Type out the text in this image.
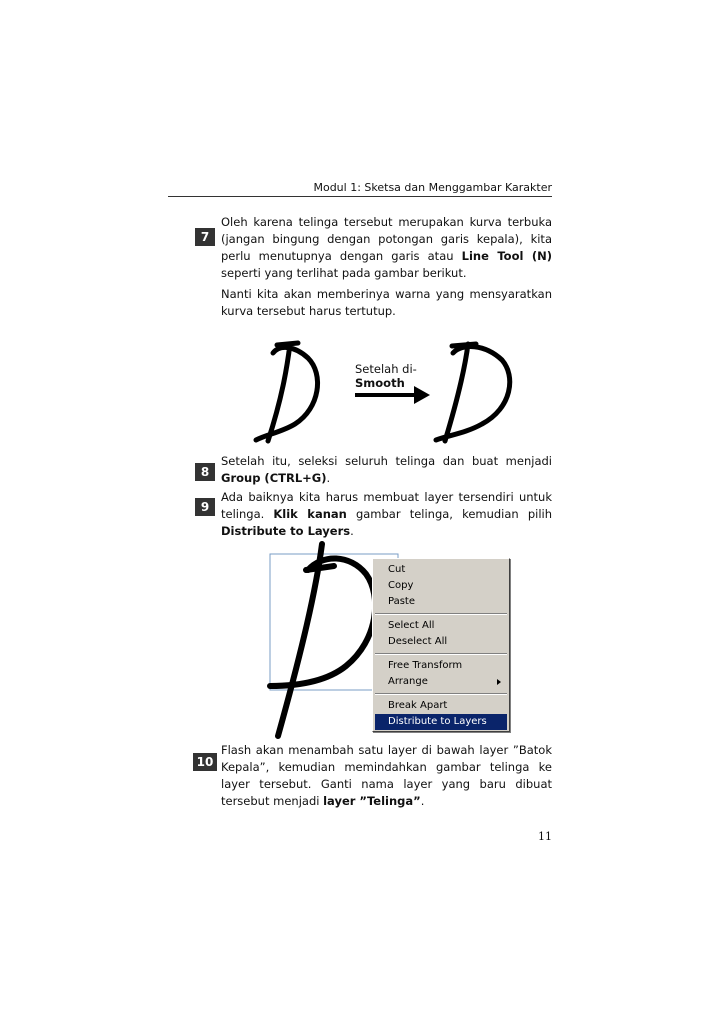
Modul 1: Sketsa dan Menggambar Karakter
7

Oleh karena telinga tersebut merupakan kurva terbuka (jangan bingung dengan potongan garis kepala), kita perlu menutupnya dengan garis atau Line Tool (N) seperti yang terlihat pada gambar berikut.

Nanti kita akan memberinya warna yang mensyaratkan kurva tersebut harus tertutup.

Setelah di-
Smooth
8

Setelah itu, seleksi seluruh telinga dan buat menjadi Group (CTRL+G).

9

Ada baiknya kita harus membuat layer tersendiri untuk telinga. Klik kanan gambar telinga, kemudian pilih Distribute to Layers.

Cut
Copy
Paste
Select All
Deselect All
Free Transform
Arrange
Break Apart
Distribute to Layers
10

Flash akan menambah satu layer di bawah layer ”Batok Kepala”, kemudian memindahkan gambar telinga ke layer tersebut. Ganti nama layer yang baru dibuat tersebut menjadi layer ”Telinga”.

11
